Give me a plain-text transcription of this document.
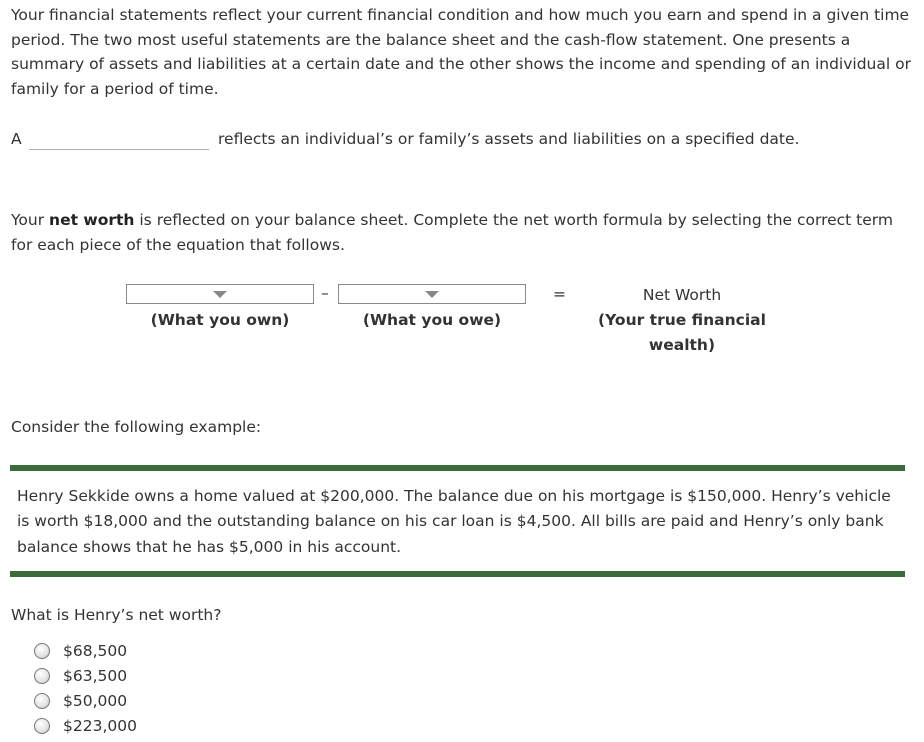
Your financial statements reflect your current financial condition and how much you earn and spend in a given time period. The two most useful statements are the balance sheet and the cash-flow statement. One presents a summary of assets and liabilities at a certain date and the other shows the income and spending of an individual or family for a period of time.

A	reflects an individual’s or family’s assets and liabilities on a specified date.

Your net worth is reflected on your balance sheet. Complete the net worth formula by selecting the correct term for each piece of the equation that follows.

–	=
(What you own)	(What you owe)
Net Worth
(Your true financial
wealth)

Consider the following example:

Henry Sekkide owns a home valued at $200,000. The balance due on his mortgage is $150,000. Henry’s vehicle is worth $18,000 and the outstanding balance on his car loan is $4,500. All bills are paid and Henry’s only bank balance shows that he has $5,000 in his account.

What is Henry’s net worth?

$68,500
$63,500
$50,000
$223,000
